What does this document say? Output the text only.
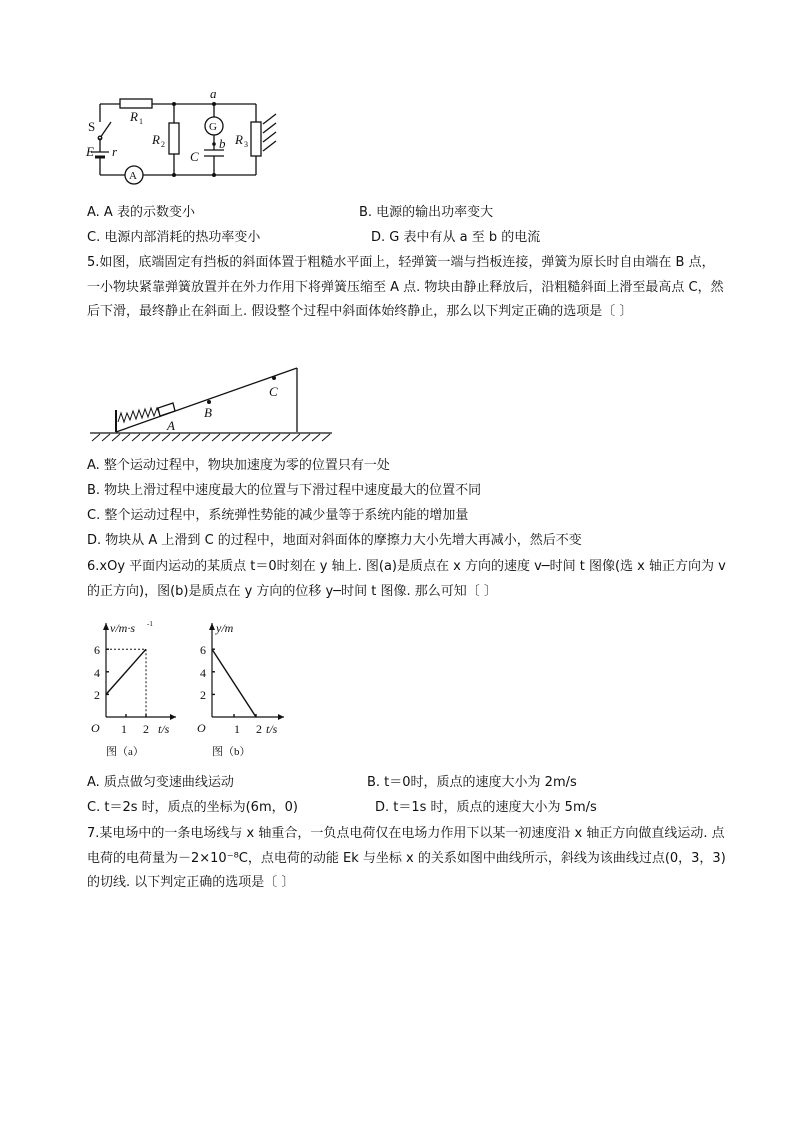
S
E r
R 1
R 2	R 3
C
a
b
G
A
A. A 表的示数变小	B. 电源的输出功率变大
C. 电源内部消耗的热功率变小	D. G 表中有从 a 至 b 的电流
5.如图，底端固定有挡板的斜面体置于粗糙水平面上，轻弹簧一端与挡板连接，弹簧为原长时自由端在 B 点，一小物块紧靠弹簧放置并在外力作用下将弹簧压缩至 A 点. 物块由静止释放后，沿粗糙斜面上滑至最高点 C，然后下滑，最终静止在斜面上. 假设整个过程中斜面体始终静止，那么以下判定正确的选项是〔 〕
A
B
C
A. 整个运动过程中，物块加速度为零的位置只有一处
B. 物块上滑过程中速度最大的位置与下滑过程中速度最大的位置不同
C. 整个运动过程中，系统弹性势能的减少量等于系统内能的增加量
D. 物块从 A 上滑到 C 的过程中，地面对斜面体的摩擦力大小先增大再减小，然后不变
6.xOy 平面内运动的某质点 t＝0时刻在 y 轴上. 图(a)是质点在 x 方向的速度 v─时间 t 图像(选 x 轴正方向为 v 的正方向)，图(b)是质点在 y 方向的位移 y─时间 t 图像. 那么可知〔 〕
v/m·s -1
t/s
O
2
4
6
1 2
图（a）
y/m
t/s
O
2
4
6
1 2
图（b）
A. 质点做匀变速曲线运动	B. t＝0时，质点的速度大小为 2m/s
C. t＝2s 时，质点的坐标为(6m，0)	D. t＝1s 时，质点的速度大小为 5m/s
7.某电场中的一条电场线与 x 轴重合，一负点电荷仅在电场力作用下以某一初速度沿 x 轴正方向做直线运动. 点电荷的电荷量为－2×10⁻⁸C，点电荷的动能 Ek 与坐标 x 的关系如图中曲线所示，斜线为该曲线过点(0，3，3)的切线. 以下判定正确的选项是〔 〕
